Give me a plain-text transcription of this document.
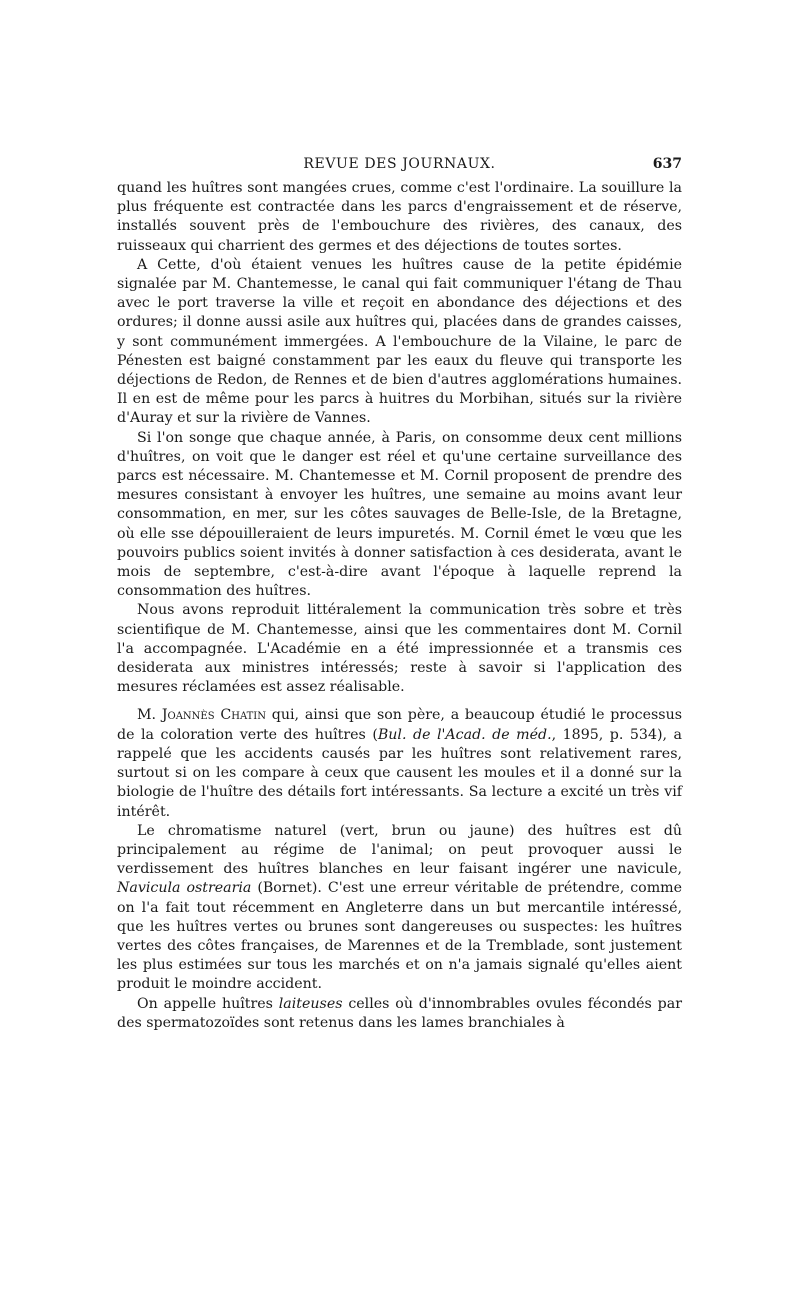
REVUE DES JOURNAUX.	637

quand les huîtres sont mangées crues, comme c'est l'ordinaire. La souillure la plus fréquente est contractée dans les parcs d'engraissement et de réserve, installés souvent près de l'embouchure des rivières, des canaux, des ruisseaux qui charrient des germes et des déjections de toutes sortes.

A Cette, d'où étaient venues les huîtres cause de la petite épidémie signalée par M. Chantemesse, le canal qui fait communiquer l'étang de Thau avec le port traverse la ville et reçoit en abondance des déjections et des ordures; il donne aussi asile aux huîtres qui, placées dans de grandes caisses, y sont communément immergées. A l'embouchure de la Vilaine, le parc de Pénesten est baigné constamment par les eaux du fleuve qui transporte les déjections de Redon, de Rennes et de bien d'autres agglomérations humaines. Il en est de même pour les parcs à huitres du Morbihan, situés sur la rivière d'Auray et sur la rivière de Vannes.

Si l'on songe que chaque année, à Paris, on consomme deux cent millions d'huîtres, on voit que le danger est réel et qu'une certaine surveillance des parcs est nécessaire. M. Chantemesse et M. Cornil proposent de prendre des mesures consistant à envoyer les huîtres, une semaine au moins avant leur consommation, en mer, sur les côtes sauvages de Belle-Isle, de la Bretagne, où elle sse dépouilleraient de leurs impuretés. M. Cornil émet le vœu que les pouvoirs publics soient invités à donner satisfaction à ces desiderata, avant le mois de septembre, c'est-à-dire avant l'époque à laquelle reprend la consommation des huîtres.

Nous avons reproduit littéralement la communication très sobre et très scientifique de M. Chantemesse, ainsi que les commentaires dont M. Cornil l'a accompagnée. L'Académie en a été impressionnée et a transmis ces desiderata aux ministres intéressés; reste à savoir si l'application des mesures réclamées est assez réalisable.

M. Joannès Chatin qui, ainsi que son père, a beaucoup étudié le processus de la coloration verte des huîtres (Bul. de l'Acad. de méd., 1895, p. 534), a rappelé que les accidents causés par les huîtres sont relativement rares, surtout si on les compare à ceux que causent les moules et il a donné sur la biologie de l'huître des détails fort intéressants. Sa lecture a excité un très vif intérêt.

Le chromatisme naturel (vert, brun ou jaune) des huîtres est dû principalement au régime de l'animal; on peut provoquer aussi le verdissement des huîtres blanches en leur faisant ingérer une navicule, Navicula ostrearia (Bornet). C'est une erreur véritable de prétendre, comme on l'a fait tout récemment en Angleterre dans un but mercantile intéressé, que les huîtres vertes ou brunes sont dangereuses ou suspectes: les huîtres vertes des côtes françaises, de Marennes et de la Tremblade, sont justement les plus estimées sur tous les marchés et on n'a jamais signalé qu'elles aient produit le moindre accident.

On appelle huîtres laiteuses celles où d'innombrables ovules fécondés par des spermatozoïdes sont retenus dans les lames branchiales à
